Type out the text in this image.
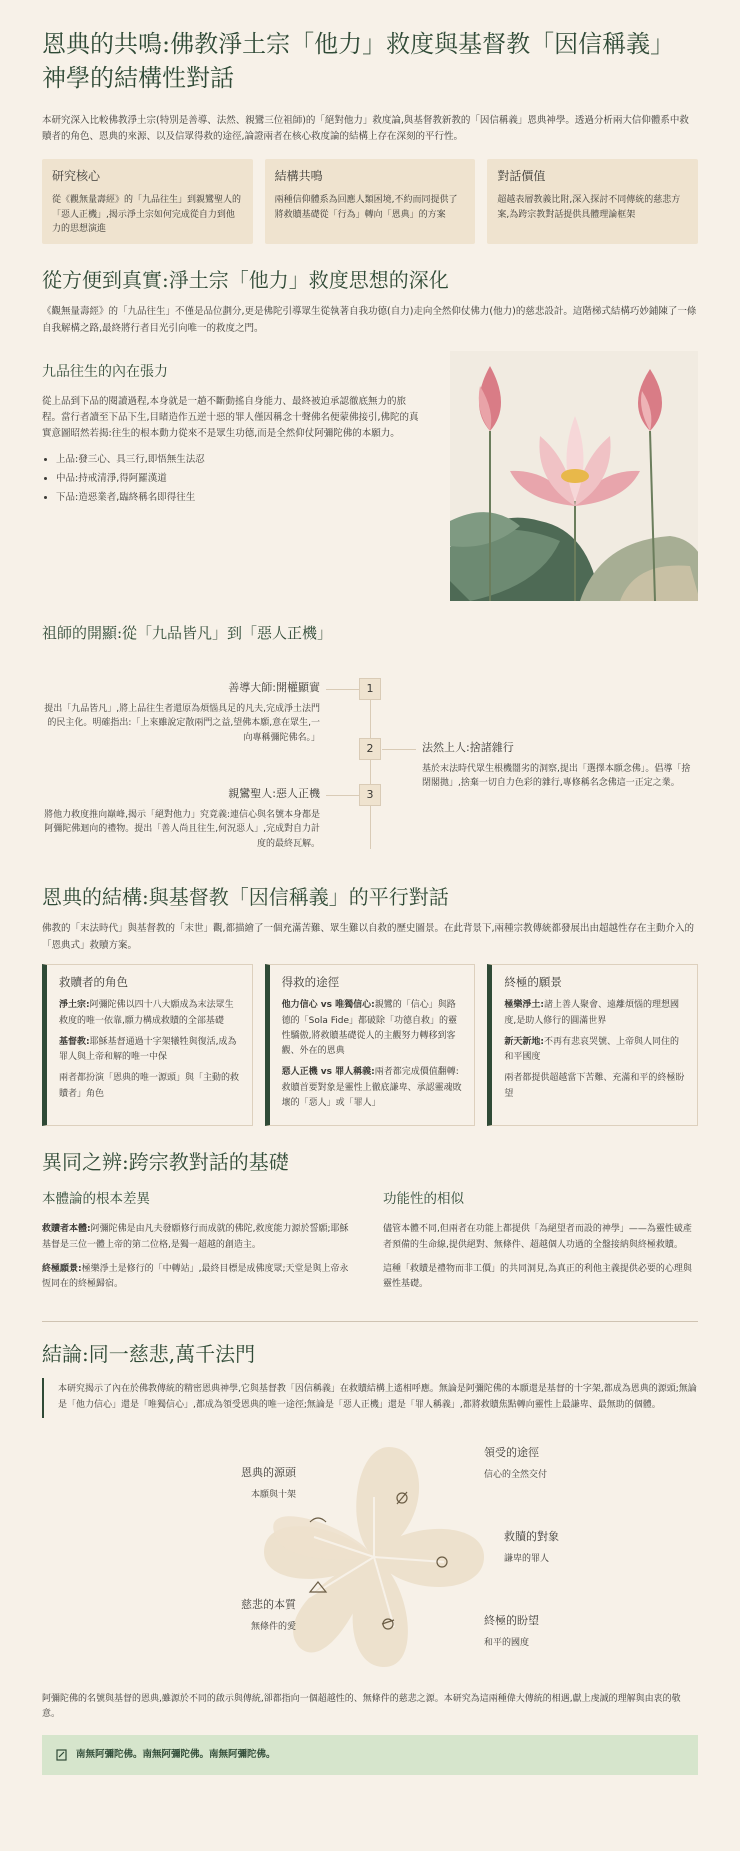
恩典的共鳴:佛教淨土宗「他力」救度與基督教「因信稱義」神學的結構性對話

本研究深入比較佛教淨土宗(特別是善導、法然、親鸞三位祖師)的「絕對他力」救度論,與基督教新教的「因信稱義」恩典神學。透過分析兩大信仰體系中救贖者的角色、恩典的來源、以及信眾得救的途徑,論證兩者在核心救度論的結構上存在深刻的平行性。

研究核心
從《觀無量壽經》的「九品往生」到親鸞聖人的「惡人正機」,揭示淨土宗如何完成從自力到他力的思想演進
結構共鳴
兩種信仰體系為回應人類困境,不約而同提供了將救贖基礎從「行為」轉向「恩典」的方案
對話價值
超越表層教義比附,深入探討不同傳統的慈悲方案,為跨宗教對話提供具體理論框架
從方便到真實:淨土宗「他力」救度思想的深化

《觀無量壽經》的「九品往生」不僅是品位劃分,更是佛陀引導眾生從執著自我功德(自力)走向全然仰仗佛力(他力)的慈悲設計。這階梯式結構巧妙鋪陳了一條自我解構之路,最終將行者目光引向唯一的救度之門。

九品往生的內在張力

從上品到下品的閱讀過程,本身就是一趟不斷動搖自身能力、最終被迫承認徹底無力的旅程。當行者讀至下品下生,目睹造作五逆十惡的罪人僅因稱念十聲佛名便蒙佛接引,佛陀的真實意圖昭然若揭:往生的根本動力從來不是眾生功德,而是全然仰仗阿彌陀佛的本願力。

• 上品:發三心、具三行,即悟無生法忍
• 中品:持戒清淨,得阿羅漢道
• 下品:造惡業者,臨終稱名即得往生
祖師的開顯:從「九品皆凡」到「惡人正機」
1
善導大師:開權顯實
提出「九品皆凡」,將上品往生者還原為煩惱具足的凡夫,完成淨土法門的民主化。明確指出:「上來雖說定散兩門之益,望佛本願,意在眾生,一向專稱彌陀佛名。」
2	法然上人:捨諸雜行
基於末法時代眾生根機闇劣的洞察,提出「選擇本願念佛」。倡導「捨閉閣拋」,捨棄一切自力色彩的雜行,專修稱名念佛這一正定之業。
3
親鸞聖人:惡人正機
將他力救度推向巔峰,揭示「絕對他力」究竟義:連信心與名號本身都是阿彌陀佛迴向的禮物。提出「善人尚且往生,何況惡人」,完成對自力計度的最終瓦解。
恩典的結構:與基督教「因信稱義」的平行對話

佛教的「末法時代」與基督教的「末世」觀,都描繪了一個充滿苦難、眾生難以自救的歷史圖景。在此背景下,兩種宗教傳統都發展出由超越性存在主動介入的「恩典式」救贖方案。

救贖者的角色

淨土宗:阿彌陀佛以四十八大願成為末法眾生救度的唯一依靠,願力構成救贖的全部基礎

基督教:耶穌基督通過十字架犧牲與復活,成為罪人與上帝和解的唯一中保

兩者都扮演「恩典的唯一源頭」與「主動的救贖者」角色

得救的途徑

他力信心 vs 唯獨信心:親鸞的「信心」與路德的「Sola Fide」都破除「功德自救」的靈性驕傲,將救贖基礎從人的主觀努力轉移到客觀、外在的恩典

惡人正機 vs 罪人稱義:兩者都完成價值翻轉:救贖首要對象是靈性上徹底謙卑、承認靈魂敗壞的「惡人」或「罪人」

終極的願景

極樂淨土:諸上善人聚會、遠離煩惱的理想國度,是助人修行的圓滿世界

新天新地:不再有悲哀哭號、上帝與人同住的和平國度

兩者都提供超越當下苦難、充滿和平的終極盼望

異同之辨:跨宗教對話的基礎
本體論的根本差異

救贖者本體:阿彌陀佛是由凡夫發願修行而成就的佛陀,救度能力源於誓願;耶穌基督是三位一體上帝的第二位格,是獨一超越的創造主。

終極願景:極樂淨土是修行的「中轉站」,最終目標是成佛度眾;天堂是與上帝永恆同在的終極歸宿。

功能性的相似

儘管本體不同,但兩者在功能上都提供「為絕望者而設的神學」——為靈性破產者預備的生命線,提供絕對、無條件、超越個人功過的全盤接納與終極救贖。

這種「救贖是禮物而非工價」的共同洞見,為真正的利他主義提供必要的心理與靈性基礎。

結論:同一慈悲,萬千法門
本研究揭示了內在於佛教傳統的精密恩典神學,它與基督教「因信稱義」在救贖結構上遙相呼應。無論是阿彌陀佛的本願還是基督的十字架,都成為恩典的源頭;無論是「他力信心」還是「唯獨信心」,都成為領受恩典的唯一途徑;無論是「惡人正機」還是「罪人稱義」,都將救贖焦點轉向靈性上最謙卑、最無助的個體。
恩典的源頭
本願與十架
領受的途徑
信心的全然交付
救贖的對象
謙卑的罪人
終極的盼望
和平的國度
慈悲的本質
無條件的愛

阿彌陀佛的名號與基督的恩典,雖源於不同的啟示與傳統,卻都指向一個超越性的、無條件的慈悲之源。本研究為這兩種偉大傳統的相遇,獻上虔誠的理解與由衷的敬意。

南無阿彌陀佛。南無阿彌陀佛。南無阿彌陀佛。
